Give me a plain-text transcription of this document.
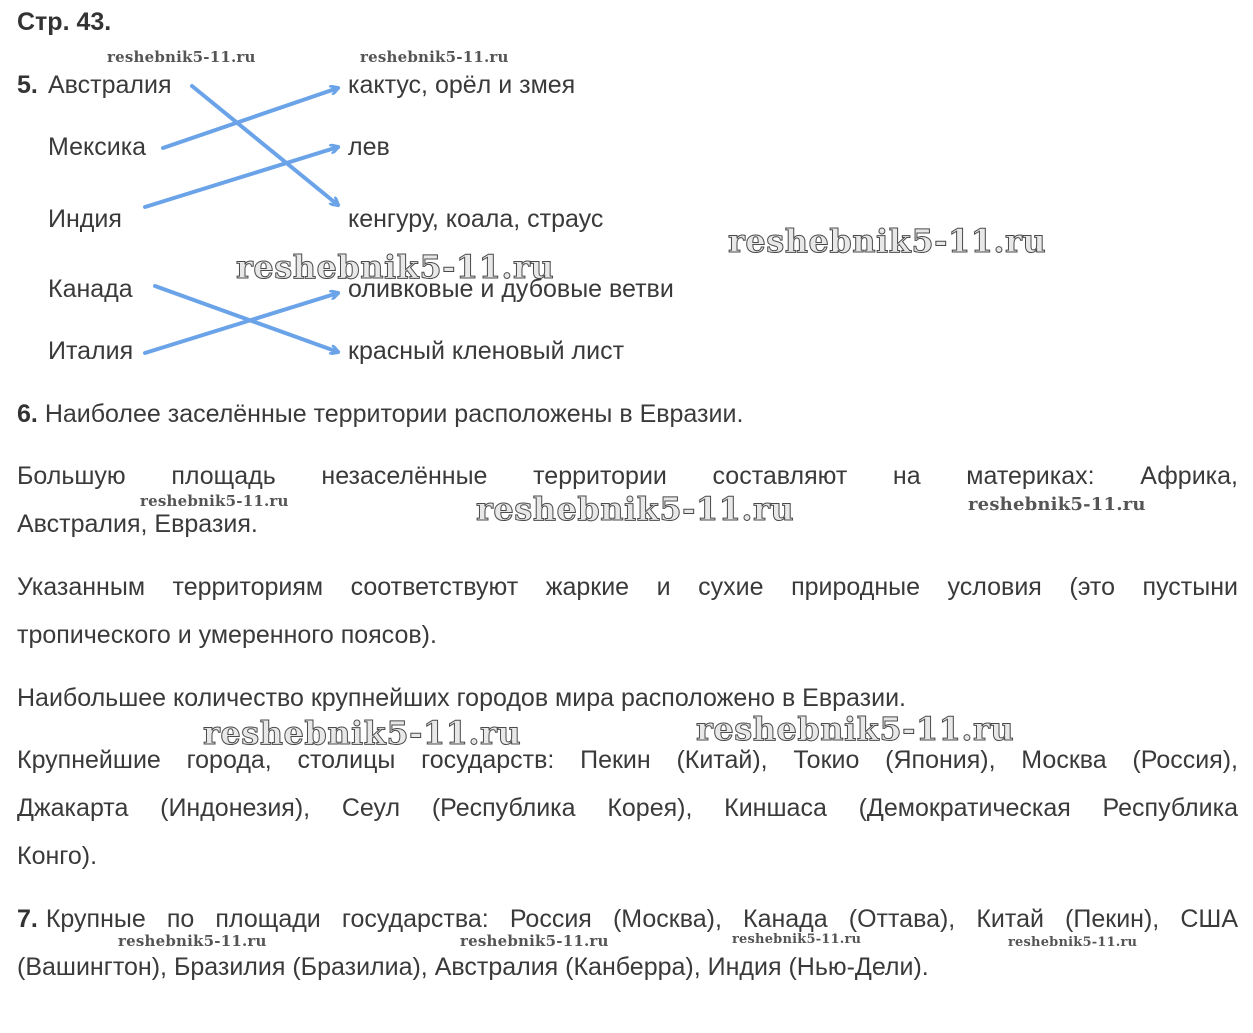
Стр. 43.
reshebnik5-11.ru	reshebnik5-11.ru
reshebnik5-11.ru	reshebnik5-11.ru
reshebnik5-11.ru	reshebnik5-11.ru	reshebnik5-11.ru	reshebnik5-11.ru
reshebnik5-11.ru
reshebnik5-11.ru
reshebnik5-11.ru
reshebnik5-11.ru	reshebnik5-11.ru
5. Австралия
Мексика
Индия
Канада
Италия
кактус, орёл и змея
лев
кенгуру, коала, страус
оливковые и дубовые ветви
красный кленовый лист
6. Наиболее заселённые территории расположены в Евразии.
Большую площадь незаселённые территории составляют на материках: Африка,
Австралия, Евразия.
Указанным территориям соответствуют жаркие и сухие природные условия (это пустыни
тропического и умеренного поясов).
Наибольшее количество крупнейших городов мира расположено в Евразии.
Крупнейшие города, столицы государств: Пекин (Китай), Токио (Япония), Москва (Россия),
Джакарта (Индонезия), Сеул (Республика Корея), Киншаса (Демократическая Республика
Конго).
7. Крупные по площади государства: Россия (Москва), Канада (Оттава), Китай (Пекин), США
(Вашингтон), Бразилия (Бразилиа), Австралия (Канберра), Индия (Нью-Дели).
